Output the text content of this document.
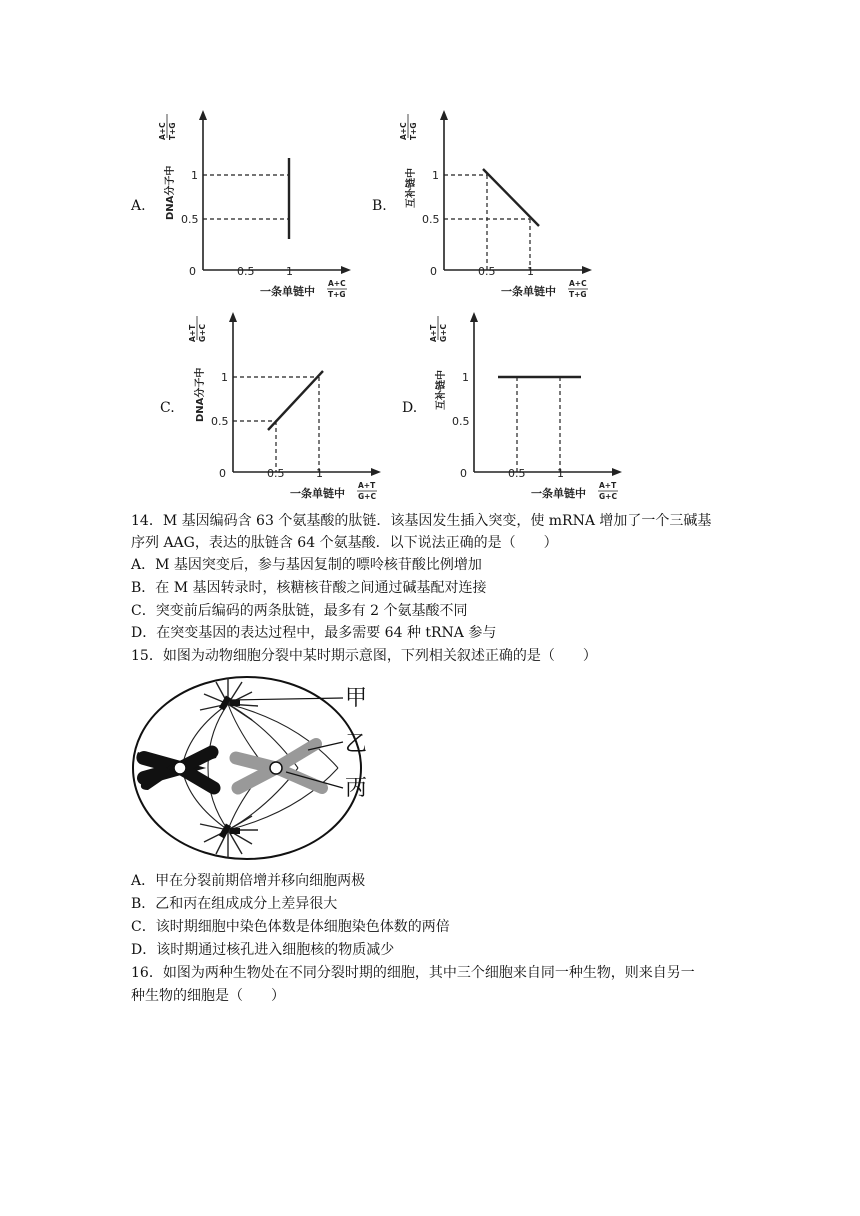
A.	B.
C.	D.
1
0.5
0	0.5	1
DNA分子中
A+C T+G
一条单链中
A+C
T+G
1
0.5
0	0.5	1
互补链中
A+C T+G
一条单链中
A+C
T+G
1
0.5
0	0.5	1
DNA分子中
A+T G+C
一条单链中
A+T
G+C
1
0.5
0	0.5	1
互补链中
A+T G+C
一条单链中
A+T
G+C
14．M 基因编码含 63 个氨基酸的肽链．该基因发生插入突变，使 mRNA 增加了一个三碱基
序列 AAG，表达的肽链含 64 个氨基酸．以下说法正确的是（　　）
A．M 基因突变后，参与基因复制的嘌呤核苷酸比例增加
B．在 M 基因转录时，核糖核苷酸之间通过碱基配对连接
C．突变前后编码的两条肽链，最多有 2 个氨基酸不同
D．在突变基因的表达过程中，最多需要 64 种 tRNA 参与
15．如图为动物细胞分裂中某时期示意图，下列相关叙述正确的是（　　）
甲
乙
丙
A．甲在分裂前期倍增并移向细胞两极
B．乙和丙在组成成分上差异很大
C．该时期细胞中染色体数是体细胞染色体数的两倍
D．该时期通过核孔进入细胞核的物质减少
16．如图为两种生物处在不同分裂时期的细胞，其中三个细胞来自同一种生物，则来自另一
种生物的细胞是（　　）
